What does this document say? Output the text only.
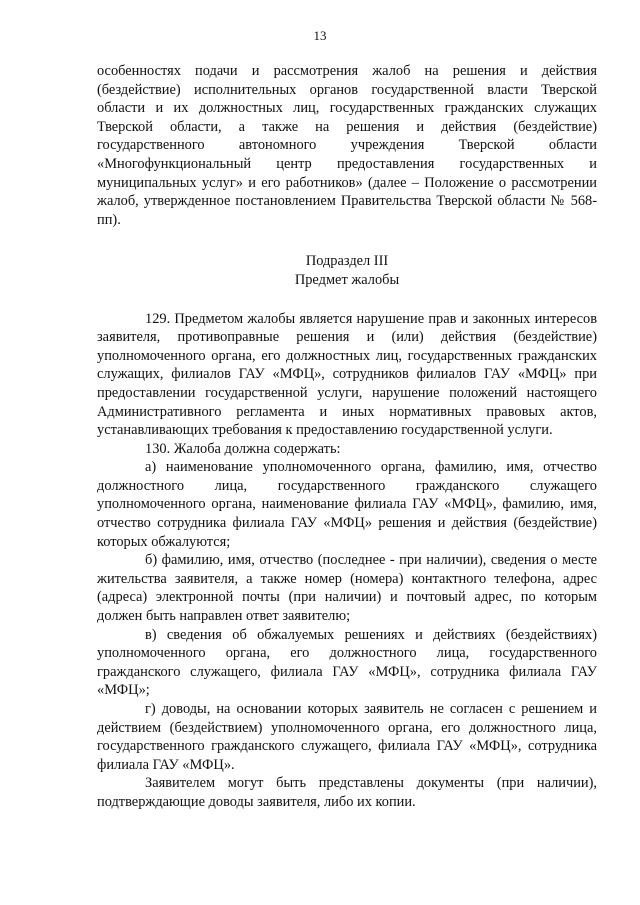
13

особенностях подачи и рассмотрения жалоб на решения и действия (бездействие) исполнительных органов государственной власти Тверской области и их должностных лиц, государственных гражданских служащих Тверской области, а также на решения и действия (бездействие) государственного автономного учреждения Тверской области «Многофункциональный центр предоставления государственных и муниципальных услуг» и его работников» (далее – Положение о рассмотрении жалоб, утвержденное постановлением Правительства Тверской области № 568-пп).

Подраздел III

Предмет жалобы

129. Предметом жалобы является нарушение прав и законных интересов заявителя, противоправные решения и (или) действия (бездействие) уполномоченного органа, его должностных лиц, государственных гражданских служащих, филиалов ГАУ «МФЦ», сотрудников филиалов ГАУ «МФЦ» при предоставлении государственной услуги, нарушение положений настоящего Административного регламента и иных нормативных правовых актов, устанавливающих требования к предоставлению государственной услуги.

130. Жалоба должна содержать:

а) наименование уполномоченного органа, фамилию, имя, отчество должностного лица, государственного гражданского служащего уполномоченного органа, наименование филиала ГАУ «МФЦ», фамилию, имя, отчество сотрудника филиала ГАУ «МФЦ» решения и действия (бездействие) которых обжалуются;

б) фамилию, имя, отчество (последнее - при наличии), сведения о месте жительства заявителя, а также номер (номера) контактного телефона, адрес (адреса) электронной почты (при наличии) и почтовый адрес, по которым должен быть направлен ответ заявителю;

в) сведения об обжалуемых решениях и действиях (бездействиях) уполномоченного органа, его должностного лица, государственного гражданского служащего, филиала ГАУ «МФЦ», сотрудника филиала ГАУ «МФЦ»;

г) доводы, на основании которых заявитель не согласен с решением и действием (бездействием) уполномоченного органа, его должностного лица, государственного гражданского служащего, филиала ГАУ «МФЦ», сотрудника филиала ГАУ «МФЦ».

Заявителем могут быть представлены документы (при наличии), подтверждающие доводы заявителя, либо их копии.
